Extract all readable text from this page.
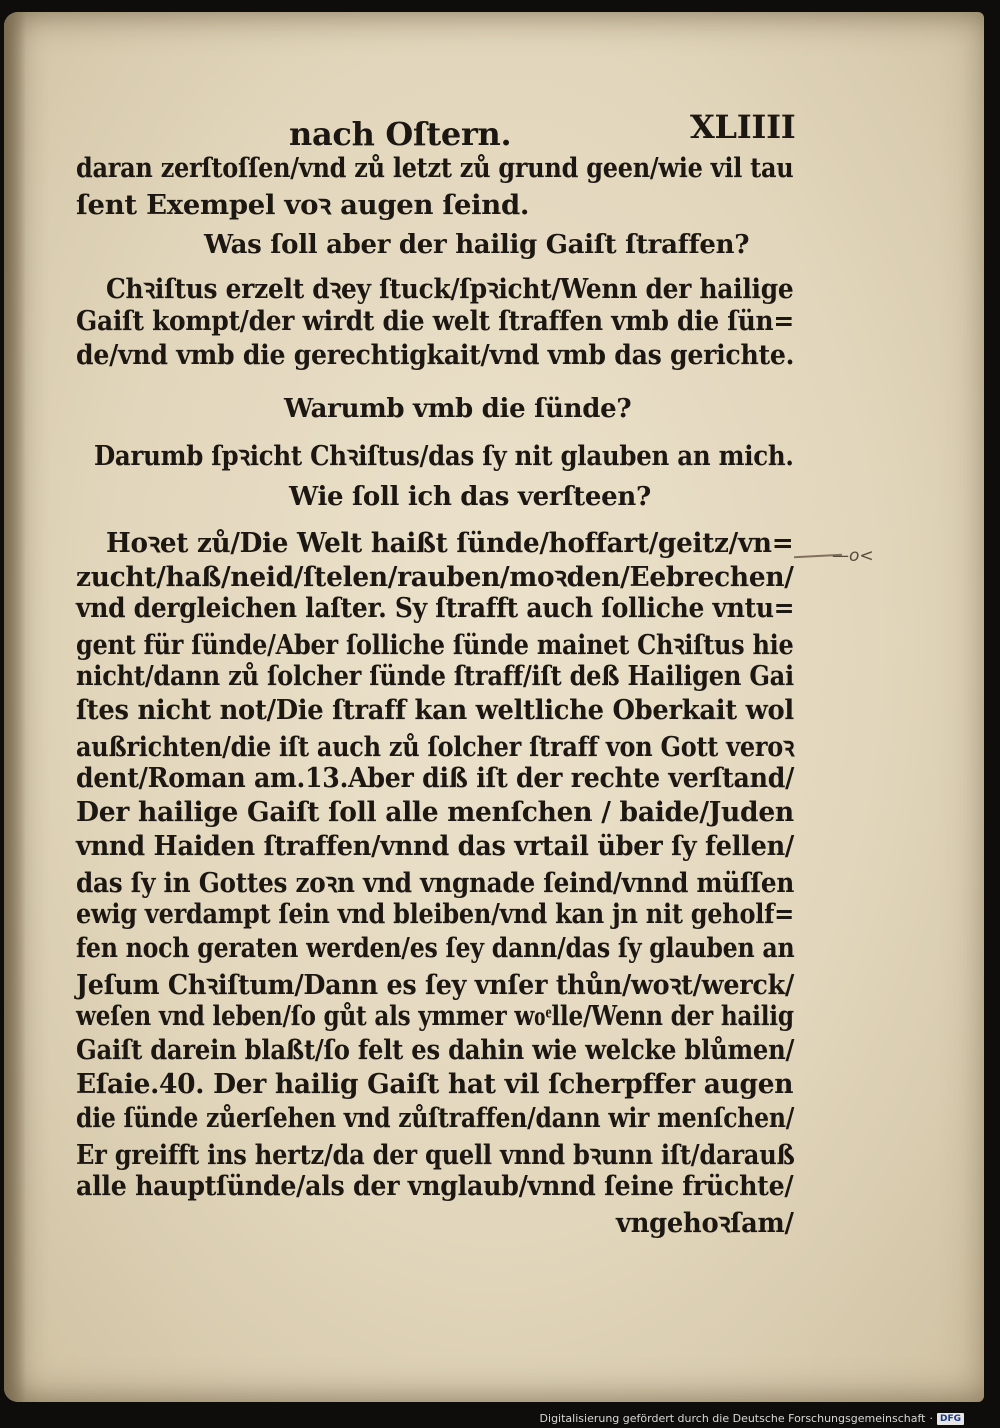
nach Oſtern.	XLIIII
daran zerſtoſſen/vnd zů letzt zů grund geen/wie vil tau
ſent Exempel voꝛ augen ſeind.
Was ſoll aber der hailig Gaiſt ſtraffen?
Chꝛiſtus erzelt dꝛey ſtuck/ſpꝛicht/Wenn der hailige
Gaiſt kompt/der wirdt die welt ſtraffen vmb die ſün=
de/vnd vmb die gerechtigkait/vnd vmb das gerichte.
Warumb vmb die ſünde?
Darumb ſpꝛicht Chꝛiſtus/das ſy nit glauben an mich.
Wie ſoll ich das verſteen?
Hoꝛet zů/Die Welt haißt ſünde/hoffart/geitz/vn=
zucht/haß/neid/ſtelen/rauben/moꝛden/Eebrechen/
vnd dergleichen laſter. Sy ſtrafft auch ſolliche vntu=
gent für ſünde/Aber ſolliche ſünde mainet Chꝛiſtus hie
nicht/dann zů ſolcher ſünde ſtraff/iſt deß Hailigen Gai
ſtes nicht not/Die ſtraff kan weltliche Oberkait wol
außrichten/die iſt auch zů ſolcher ſtraff von Gott veroꝛ
dent/Roman am.13.Aber diß iſt der rechte verſtand/
Der hailige Gaiſt ſoll alle menſchen / baide/Juden
vnnd Haiden ſtraffen/vnnd das vrtail über ſy fellen/
das ſy in Gottes zoꝛn vnd vngnade ſeind/vnnd müſſen
ewig verdampt ſein vnd bleiben/vnd kan jn nit geholf=
fen noch geraten werden/es ſey dann/das ſy glauben an
Jeſum Chꝛiſtum/Dann es ſey vnſer thůn/woꝛt/werck/
weſen vnd leben/ſo gůt als ymmer woͤlle/Wenn der hailig
Gaiſt darein blaßt/ſo felt es dahin wie welcke blůmen/
Eſaie.40. Der hailig Gaiſt hat vil ſcherpffer augen
die ſünde zůerſehen vnd zůſtraffen/dann wir menſchen/
Er greifft ins hertz/da der quell vnnd bꝛunn iſt/darauß
alle hauptſünde/als der vnglaub/vnnd ſeine früchte/
vngehoꝛſam/
—o<
Digitalisierung gefördert durch die Deutsche Forschungsgemeinschaft · DFG
